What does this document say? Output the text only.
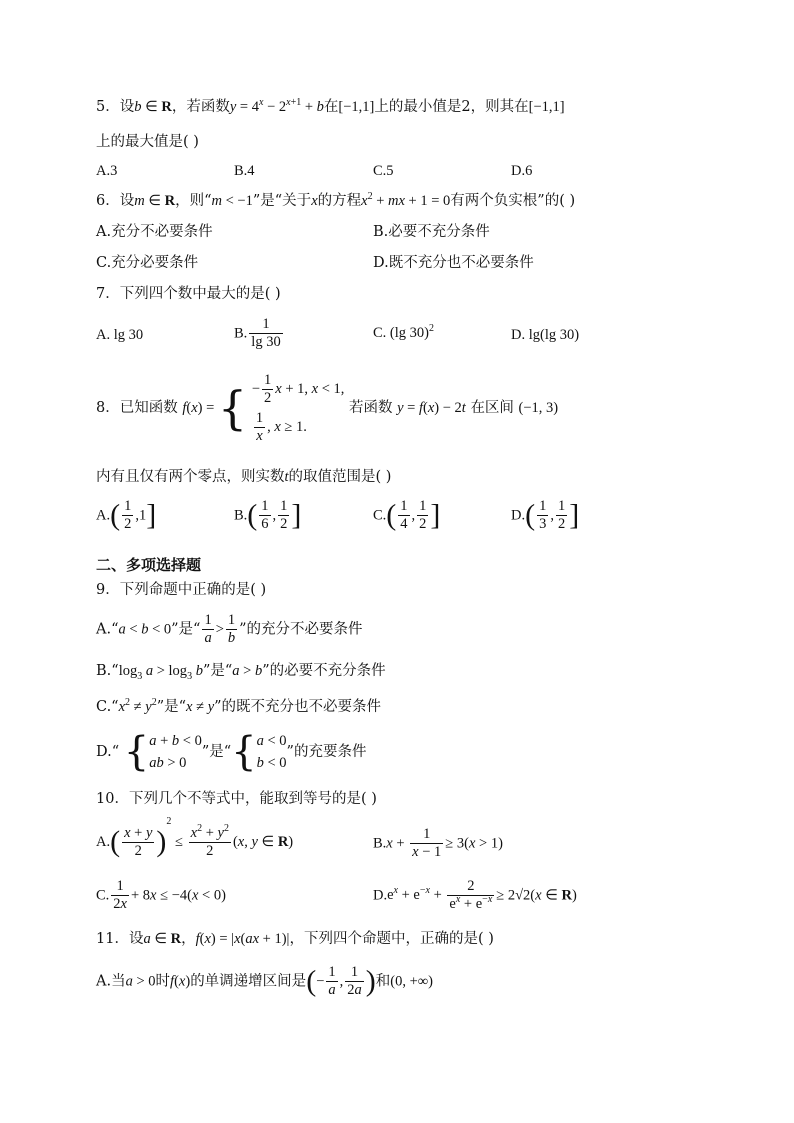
5．设b ∈ R，若函数$y = 4^x - 2^{x+1} + b$在[−1,1]上的最小值是2，则其在[−1,1]
上的最大值是( )
A.3	B.4	C.5	D.6
6．设m ∈ R，则“m < −1”是“关于x的方程$x^2$ + mx + 1 = 0有两个负实根”的( )
A.充分不必要条件	B.必要不充分条件
C.充分必要条件	D.既不充分也不必要条件
7．下列四个数中最大的是( )
A. lg 30	B. $\frac{1}{\lg 30}$	C. (lg 30)$^2$	D. lg(lg 30)
8．已知函数 f(x) = { − $\frac{1}{2}$ x + 1, x < 1,
$\frac{1}{x}$ , x ≥ 1.
若函数 y = f(x) − 2t 在区间 (−1, 3)
内有且仅有两个零点，则实数t的取值范围是( )
$A.( \frac{1}{2} ,1]$	$B.( \frac{1}{6}$ , $\frac{1}{2}$ ]	$C.( \frac{1}{4}$ , $\frac{1}{2}$ ]	$D.( \frac{1}{3}$ , $\frac{1}{2}$ ]
二、多项选择题
9．下列命题中正确的是( )
A.“a < b < 0”是“ $\frac{1}{a} > \frac{1}{b}$ ”的充分不必要条件
$B.“\log_3$ $a > \log_3 b$”是“a > b”的必要不充分条件
$C.“x^2 \ne y^2$”是“x ≠ y”的既不充分也不必要条件
D.“ { a + b < 0
ab > 0
”是“{ a < 0
b < 0
”的充要条件
10．下列几个不等式中，能取到等号的是( )
$A.( \frac{x + y}{2} )^2 \le \frac{x^2 + y^2}{2} (x$, y ∈ R)	$B.x + \frac{1}{x - 1} \ge 3(x > 1)$
C. $\frac{1}{2x} + 8x \le -4(x < 0)$	$D.e^x + e^{-x} + \frac{2}{e^x + e^{-x}} \ge 2√2(x$ ∈ R)
11．设a ∈ R，f(x) = |x(ax + 1)|，下列四个命题中，正确的是( )
A.当a > 0时f(x)的单调递增区间是(− $\frac{1}{a}$ , $\frac{1}{2a}$ )和(0, +∞)
